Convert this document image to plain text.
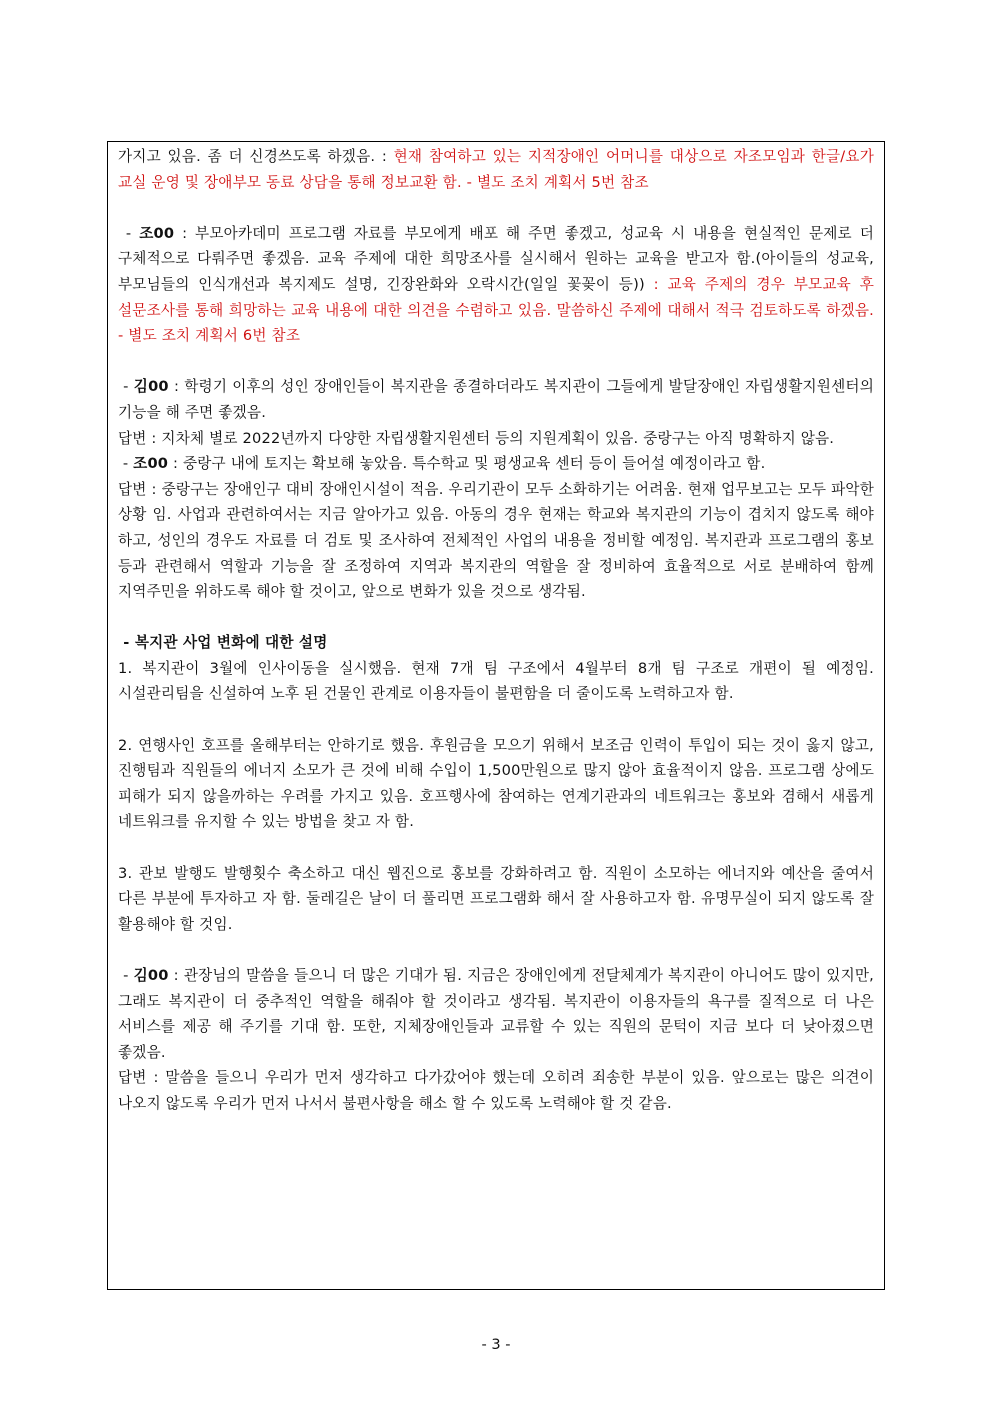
가지고 있음. 좀 더 신경쓰도록 하겠음. : 현재 참여하고 있는 지적장애인 어머니를 대상으로 자조모임과 한글/요가 교실 운영 및 장애부모 동료 상담을 통해 정보교환 함. - 별도 조치 계획서 5번 참조

- 조00 : 부모아카데미 프로그램 자료를 부모에게 배포 해 주면 좋겠고, 성교육 시 내용을 현실적인 문제로 더 구체적으로 다뤄주면 좋겠음. 교육 주제에 대한 희망조사를 실시해서 원하는 교육을 받고자 함.(아이들의 성교육, 부모님들의 인식개선과 복지제도 설명, 긴장완화와 오락시간(일일 꽃꽂이 등)) : 교육 주제의 경우 부모교육 후 설문조사를 통해 희망하는 교육 내용에 대한 의견을 수렴하고 있음. 말씀하신 주제에 대해서 적극 검토하도록 하겠음. - 별도 조치 계획서 6번 참조

- 김00 : 학령기 이후의 성인 장애인들이 복지관을 종결하더라도 복지관이 그들에게 발달장애인 자립생활지원센터의 기능을 해 주면 좋겠음.

답변 : 지차체 별로 2022년까지 다양한 자립생활지원센터 등의 지원계획이 있음. 중랑구는 아직 명확하지 않음.

- 조00 : 중랑구 내에 토지는 확보해 놓았음. 특수학교 및 평생교육 센터 등이 들어설 예정이라고 함.

답변 : 중랑구는 장애인구 대비 장애인시설이 적음. 우리기관이 모두 소화하기는 어려움. 현재 업무보고는 모두 파악한 상황 임. 사업과 관련하여서는 지금 알아가고 있음. 아동의 경우 현재는 학교와 복지관의 기능이 겹치지 않도록 해야 하고, 성인의 경우도 자료를 더 검토 및 조사하여 전체적인 사업의 내용을 정비할 예정임. 복지관과 프로그램의 홍보 등과 관련해서 역할과 기능을 잘 조정하여 지역과 복지관의 역할을 잘 정비하여 효율적으로 서로 분배하여 함께 지역주민을 위하도록 해야 할 것이고, 앞으로 변화가 있을 것으로 생각됨.

- 복지관 사업 변화에 대한 설명

1. 복지관이 3월에 인사이동을 실시했음. 현재 7개 팀 구조에서 4월부터 8개 팀 구조로 개편이 될 예정임. 시설관리팀을 신설하여 노후 된 건물인 관계로 이용자들이 불편함을 더 줄이도록 노력하고자 함.

2. 연행사인 호프를 올해부터는 안하기로 했음. 후원금을 모으기 위해서 보조금 인력이 투입이 되는 것이 옳지 않고, 진행팀과 직원들의 에너지 소모가 큰 것에 비해 수입이 1,500만원으로 많지 않아 효율적이지 않음. 프로그램 상에도 피해가 되지 않을까하는 우려를 가지고 있음. 호프행사에 참여하는 연계기관과의 네트워크는 홍보와 겸해서 새롭게 네트워크를 유지할 수 있는 방법을 찾고 자 함.

3. 관보 발행도 발행횟수 축소하고 대신 웹진으로 홍보를 강화하려고 함. 직원이 소모하는 에너지와 예산을 줄여서 다른 부분에 투자하고 자 함. 둘레길은 날이 더 풀리면 프로그램화 해서 잘 사용하고자 함. 유명무실이 되지 않도록 잘 활용해야 할 것임.

- 김00 : 관장님의 말씀을 들으니 더 많은 기대가 됨. 지금은 장애인에게 전달체계가 복지관이 아니어도 많이 있지만, 그래도 복지관이 더 중추적인 역할을 해줘야 할 것이라고 생각됨. 복지관이 이용자들의 욕구를 질적으로 더 나은 서비스를 제공 해 주기를 기대 함. 또한, 지체장애인들과 교류할 수 있는 직원의 문턱이 지금 보다 더 낮아졌으면 좋겠음.

답변 : 말씀을 들으니 우리가 먼저 생각하고 다가갔어야 했는데 오히려 죄송한 부분이 있음. 앞으로는 많은 의견이 나오지 않도록 우리가 먼저 나서서 불편사항을 해소 할 수 있도록 노력해야 할 것 같음.

- 3 -
